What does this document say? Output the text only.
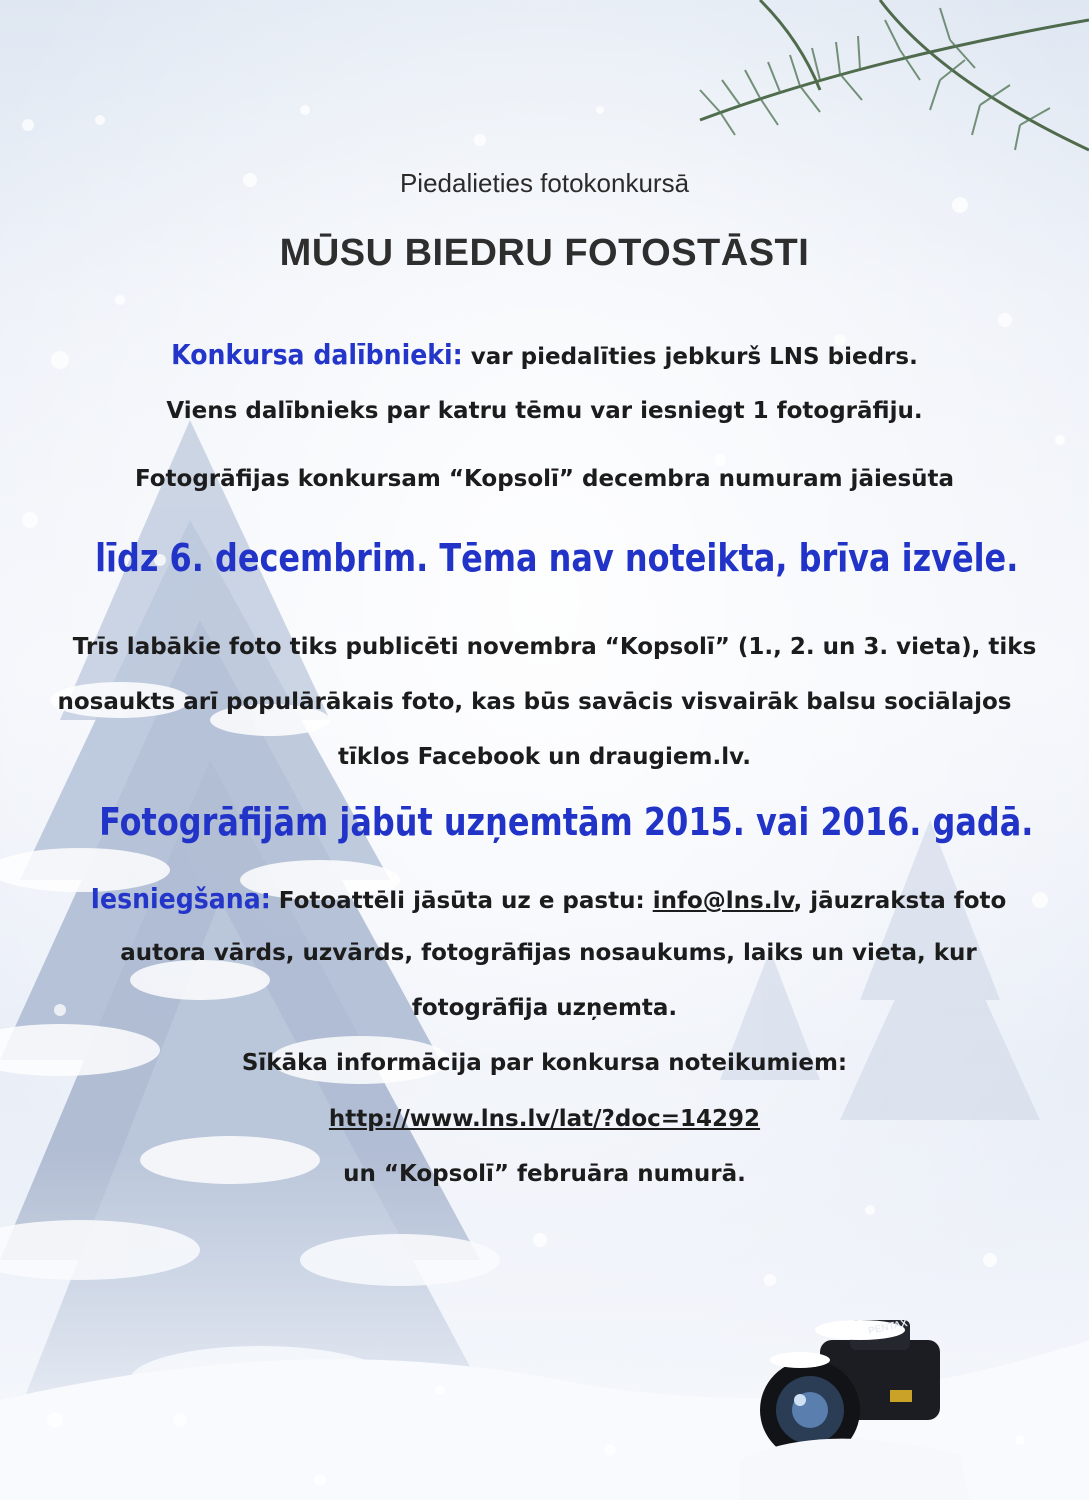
Piedalieties fotokonkursā
MŪSU BIEDRU FOTOSTĀSTI
Konkursa dalībnieki: var piedalīties jebkurš LNS biedrs.
Viens dalībnieks par katru tēmu var iesniegt 1 fotogrāfiju.
Fotogrāfijas konkursam “Kopsolī” decembra numuram jāiesūta
līdz 6. decembrim. Tēma nav noteikta, brīva izvēle.
Trīs labākie foto tiks publicēti novembra “Kopsolī” (1., 2. un 3. vieta), tiks
nosaukts arī populārākais foto, kas būs savācis visvairāk balsu sociālajos
tīklos Facebook un draugiem.lv.
Fotogrāfijām jābūt uzņemtām 2015. vai 2016. gadā.
Iesniegšana: Fotoattēli jāsūta uz e pastu: info@lns.lv, jāuzraksta foto
autora vārds, uzvārds, fotogrāfijas nosaukums, laiks un vieta, kur
fotogrāfija uzņemta.
Sīkāka informācija par konkursa noteikumiem:
http://www.lns.lv/lat/?doc=14292
un “Kopsolī” februāra numurā.
PENTAX
